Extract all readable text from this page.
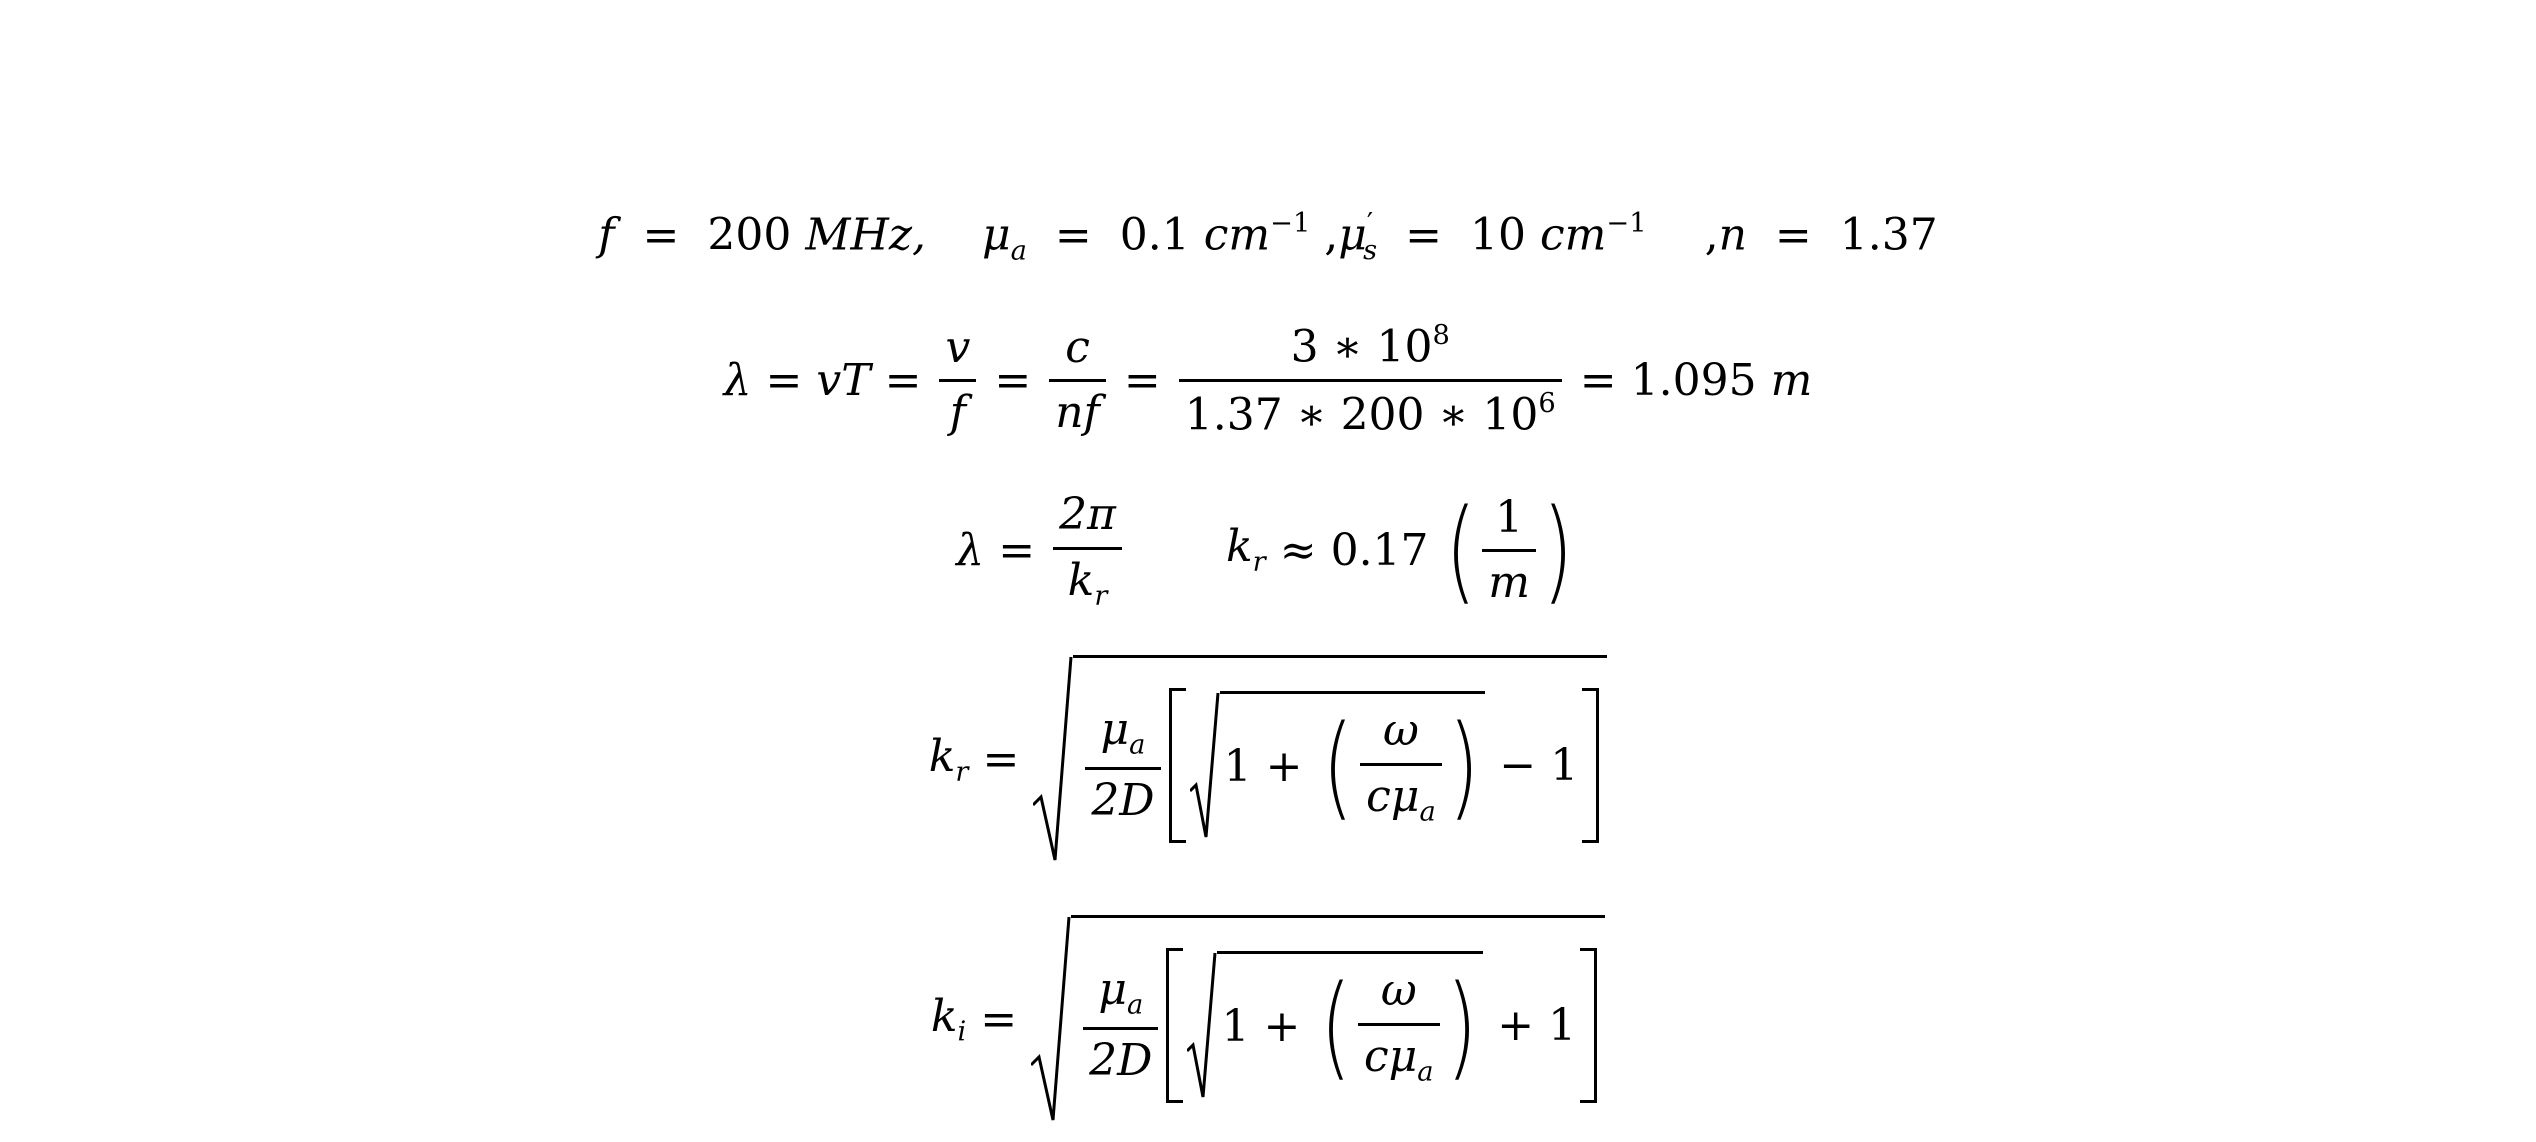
f = 200 MHz, $\mu_a = 0.1$ $cm^{-1}$ $,\mu'_s = 10$ $cm^{-1}$ ,n = 1.37
λ = vT = $\frac{v}{f} = \frac{c}{nf} = \frac{3 ∗ 10^8}{1.37 ∗ 200 ∗ 10^6} = 1.095$ m
$\lambda = \frac{2\pi}{k_r} k_r \approx 0.17$ ( $\frac{1}{m}$ )
$k_r = \frac{\mu_a}{2D} 1$ + ( $\frac{\omega}{c\mu_a}$ ) − 1
$k_i = \frac{\mu_a}{2D} 1$ + ( $\frac{\omega}{c\mu_a}$ ) + 1
